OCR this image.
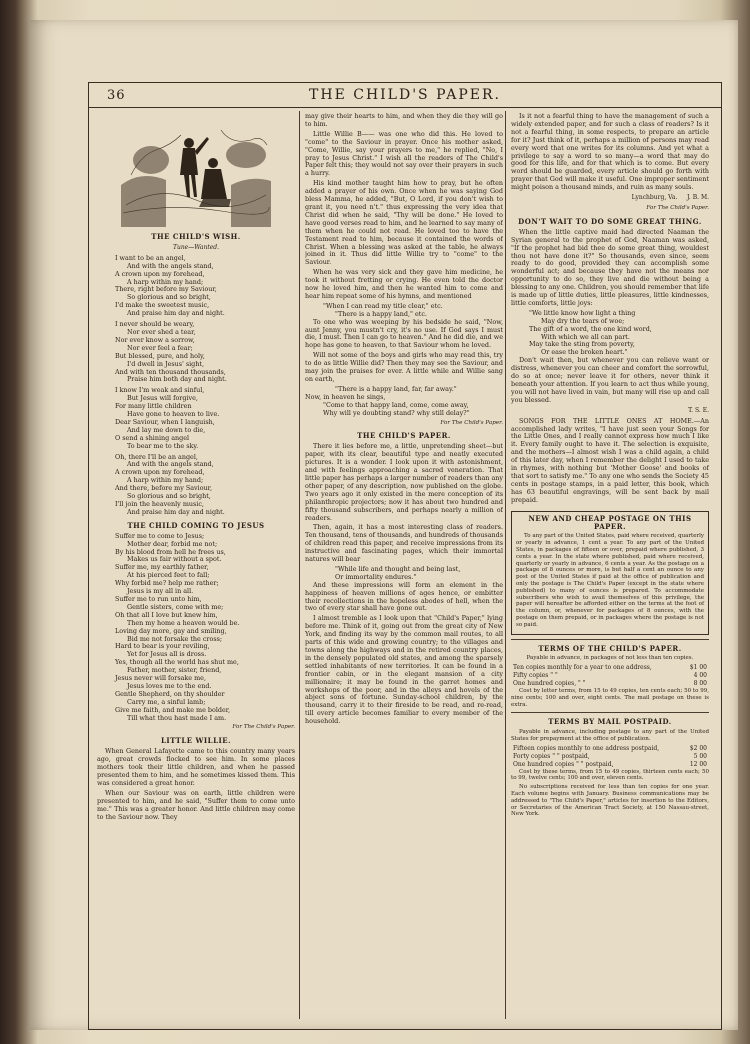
36	THE CHILD'S PAPER.
THE CHILD'S WISH.
Tune—Wanted.

I want to be an angel,

And with the angels stand,

A crown upon my forehead,

A harp within my hand;

There, right before my Saviour,

So glorious and so bright,

I'd make the sweetest music,

And praise him day and night.

I never should be weary,

Nor ever shed a tear,

Nor ever know a sorrow,

Nor ever feel a fear;

But blessed, pure, and holy,

I'd dwell in Jesus' sight,

And with ten thousand thousands,

Praise him both day and night.

I know I'm weak and sinful,

But Jesus will forgive,

For many little children

Have gone to heaven to live.

Dear Saviour, when I languish,

And lay me down to die,

O send a shining angel

To bear me to the sky.

Oh, there I'll be an angel,

And with the angels stand,

A crown upon my forehead,

A harp within my hand;

And there, before my Saviour,

So glorious and so bright,

I'll join the heavenly music,

And praise him day and night.

THE CHILD COMING TO JESUS

Suffer me to come to Jesus;

Mother dear, forbid me not;

By his blood from hell he frees us,

Makes us fair without a spot.

Suffer me, my earthly father,

At his pierced feet to fall;

Why forbid me? help me rather;

Jesus is my all in all.

Suffer me to run unto him,

Gentle sisters, come with me;

Oh that all I love but knew him,

Then my home a heaven would be.

Loving day more, gay and smiling,

Bid me not forsake the cross;

Hard to bear is your reviling,

Yet for Jesus all is dross.

Yes, though all the world has shut me,

Father, mother, sister, friend,

Jesus never will forsake me,

Jesus loves me to the end.

Gentle Shepherd, on thy shoulder

Carry me, a sinful lamb;

Give me faith, and make me bolder,

Till what thou hast made I am.

For The Child's Paper.
LITTLE WILLIE.

When General Lafayette came to this country many years ago, great crowds flocked to see him. In some places mothers took their little children, and when he passed presented them to him, and he sometimes kissed them. This was considered a great honor.

When our Saviour was on earth, little children were presented to him, and he said, "Suffer them to come unto me." This was a greater honor. And little children may come to the Saviour now. They

may give their hearts to him, and when they die they will go to him.

Little Willie B—— was one who did this. He loved to "come" to the Saviour in prayer. Once his mother asked, "Come, Willie, say your prayers to me," he replied, "No, I pray to Jesus Christ." I wish all the readers of The Child's Paper felt this; they would not say over their prayers in such a hurry.

His kind mother taught him how to pray, but he often added a prayer of his own. Once when he was saying God bless Mamma, he added, "But, O Lord, if you don't wish to grant it, you need n't." thus expressing the very idea that Christ did when he said, "Thy will be done." He loved to have good verses read to him, and he learned to say many of them when he could not read. He loved too to have the Testament read to him, because it contained the words of Christ. When a blessing was asked at the table, he always joined in it. Thus did little Willie try to "come" to the Saviour.

When he was very sick and they gave him medicine, he took it without fretting or crying. He even told the doctor now he loved him, and then he wanted him to come and hear him repeat some of his hymns, and mentioned

"When I can read my title clear," etc.

"There is a happy land," etc.

To one who was weeping by his bedside he said, "Now, aunt Jenny, you mustn't cry, it's no use. If God says I must die, I must. Then I can go to heaven." And he did die, and we hope has gone to heaven, to that Saviour whom he loved.

Will not some of the boys and girls who may read this, try to do as little Willie did? Then they may see the Saviour, and may join the praises for ever. A little while and Willie sang on earth,

"There is a happy land, far, far away."

Now, in heaven he sings,

"Come to that happy land, come, come away,

Why will ye doubting stand? why still delay?"

For The Child's Paper.
THE CHILD'S PAPER.

There it lies before me, a little, unpretending sheet—but paper, with its clear, beautiful type and neatly executed pictures. It is a wonder. I look upon it with astonishment, and with feelings approaching a sacred veneration. That little paper has perhaps a larger number of readers than any other paper, of any description, now published on the globe. Two years ago it only existed in the mere conception of its philanthropic projectors; now it has about two hundred and fifty thousand subscribers, and perhaps nearly a million of readers.

Then, again, it has a most interesting class of readers. Ten thousand, tens of thousands, and hundreds of thousands of children read this paper, and receive impressions from its instructive and fascinating pages, which their immortal natures will bear

"While life and thought and being last,

Or immortality endures."

And these impressions will form an element in the happiness of heaven millions of ages hence, or embitter their recollections in the hopeless abodes of hell, when the two of every star shall have gone out.

I almost tremble as I look upon that "Child's Paper," lying before me. Think of it, going out from the great city of New York, and finding its way by the common mail routes, to all parts of this wide and growing country; to the villages and towns along the highways and in the retired country places, in the densely populated old states, and among the sparsely settled inhabitants of new territories. It can be found in a frontier cabin, or in the elegant mansion of a city millionaire; it may be found in the garret homes and workshops of the poor, and in the alleys and hovels of the abject sons of fortune. Sunday-school children, by the thousand, carry it to their fireside to be read, and re-read, till every article becomes familiar to every member of the household.

Is it not a fearful thing to have the management of such a widely extended paper, and for such a class of readers? Is it not a fearful thing, in some respects, to prepare an article for it? Just think of it, perhaps a million of persons may read every word that one writes for its columns. And yet what a privilege to say a word to so many—a word that may do good for this life, and for that which is to come. But every word should be guarded, every article should go forth with prayer that God will make it useful. One improper sentiment might poison a thousand minds, and ruin as many souls.

Lynchburg, Va. J. B. M.
For The Child's Paper.
DON'T WAIT TO DO SOME GREAT THING.

When the little captive maid had directed Naaman the Syrian general to the prophet of God, Naaman was asked, "If the prophet had bid thee do some great thing, wouldest thou not have done it?" So thousands, even since, seem ready to do good, provided they can accomplish some wonderful act; and because they have not the means nor opportunity to do so, they live and die without being a blessing to any one. Children, you should remember that life is made up of little duties, little pleasures, little kindnesses, little comforts, little joys:

"We little know how light a thing

May dry the tears of woe;

The gift of a word, the one kind word,

With which we all can part.

May take the sting from poverty,

Or ease the broken heart."

Don't wait then, but whenever you can relieve want or distress, whenever you can cheer and comfort the sorrowful, do so at once; never leave it for others, never think it beneath your attention. If you learn to act thus while young, you will not have lived in vain, but many will rise up and call you blessed.

T. S. E.

SONGS FOR THE LITTLE ONES AT HOME.—An accomplished lady writes, "I have just seen your Songs for the Little Ones, and I really cannot express how much I like it. Every family ought to have it. The selection is exquisite, and the mothers—I almost wish I was a child again, a child of this later day, when I remember the delight I used to take in rhymes, with nothing but 'Mother Goose' and books of that sort to satisfy me." To any one who sends the Society 45 cents in postage stamps, in a paid letter, this book, which has 63 beautiful engravings, will be sent back by mail prepaid.

NEW AND CHEAP POSTAGE ON THIS PAPER.

To any part of the United States, paid where received, quarterly or yearly in advance, 1 cent a year. To any part of the United States, in packages of fifteen or over, prepaid where published, 3 cents a year. In the state where published, paid where received, quarterly or yearly in advance, 6 cents a year. As the postage on a package of 8 ounces or more, is but half a cent an ounce to any post of the United States if paid at the office of publication and only the postage is The Child's Paper (except in the state where published) to many of ounces is prepared. To accommodate subscribers who wish to avail themselves of this privilege, the paper will hereafter be afforded either on the terms at the foot of the column, or, whenever for packages of 8 ounces, with the postage on them prepaid, or in packages where the postage is not so paid.

TERMS OF THE CHILD'S PAPER.

Payable in advance, in packages of not less than ten copies.

Ten copies monthly for a year to one address,	$1 00
Fifty copies " "	4 00
One hundred copies, " "	8 00

Cost by letter terms, from 15 to 49 copies, ten cents each; 50 to 99, nine cents; 100 and over, eight cents. The mail postage on these is extra.

TERMS BY MAIL POSTPAID.

Payable in advance, including postage to any part of the United States for prepayment at the office of publication.

Fifteen copies monthly to one address postpaid,	$2 00
Forty copies " " postpaid,	5 00
One hundred copies " " postpaid,	12 00

Cost by these terms, from 15 to 49 copies, thirteen cents each; 50 to 99, twelve cents; 100 and over, eleven cents.

No subscriptions received for less than ten copies for one year. Each volume begins with January. Business communications may be addressed to "The Child's Paper," articles for insertion to the Editors, or Secretaries of the American Tract Society, at 150 Nassau-street, New York.
